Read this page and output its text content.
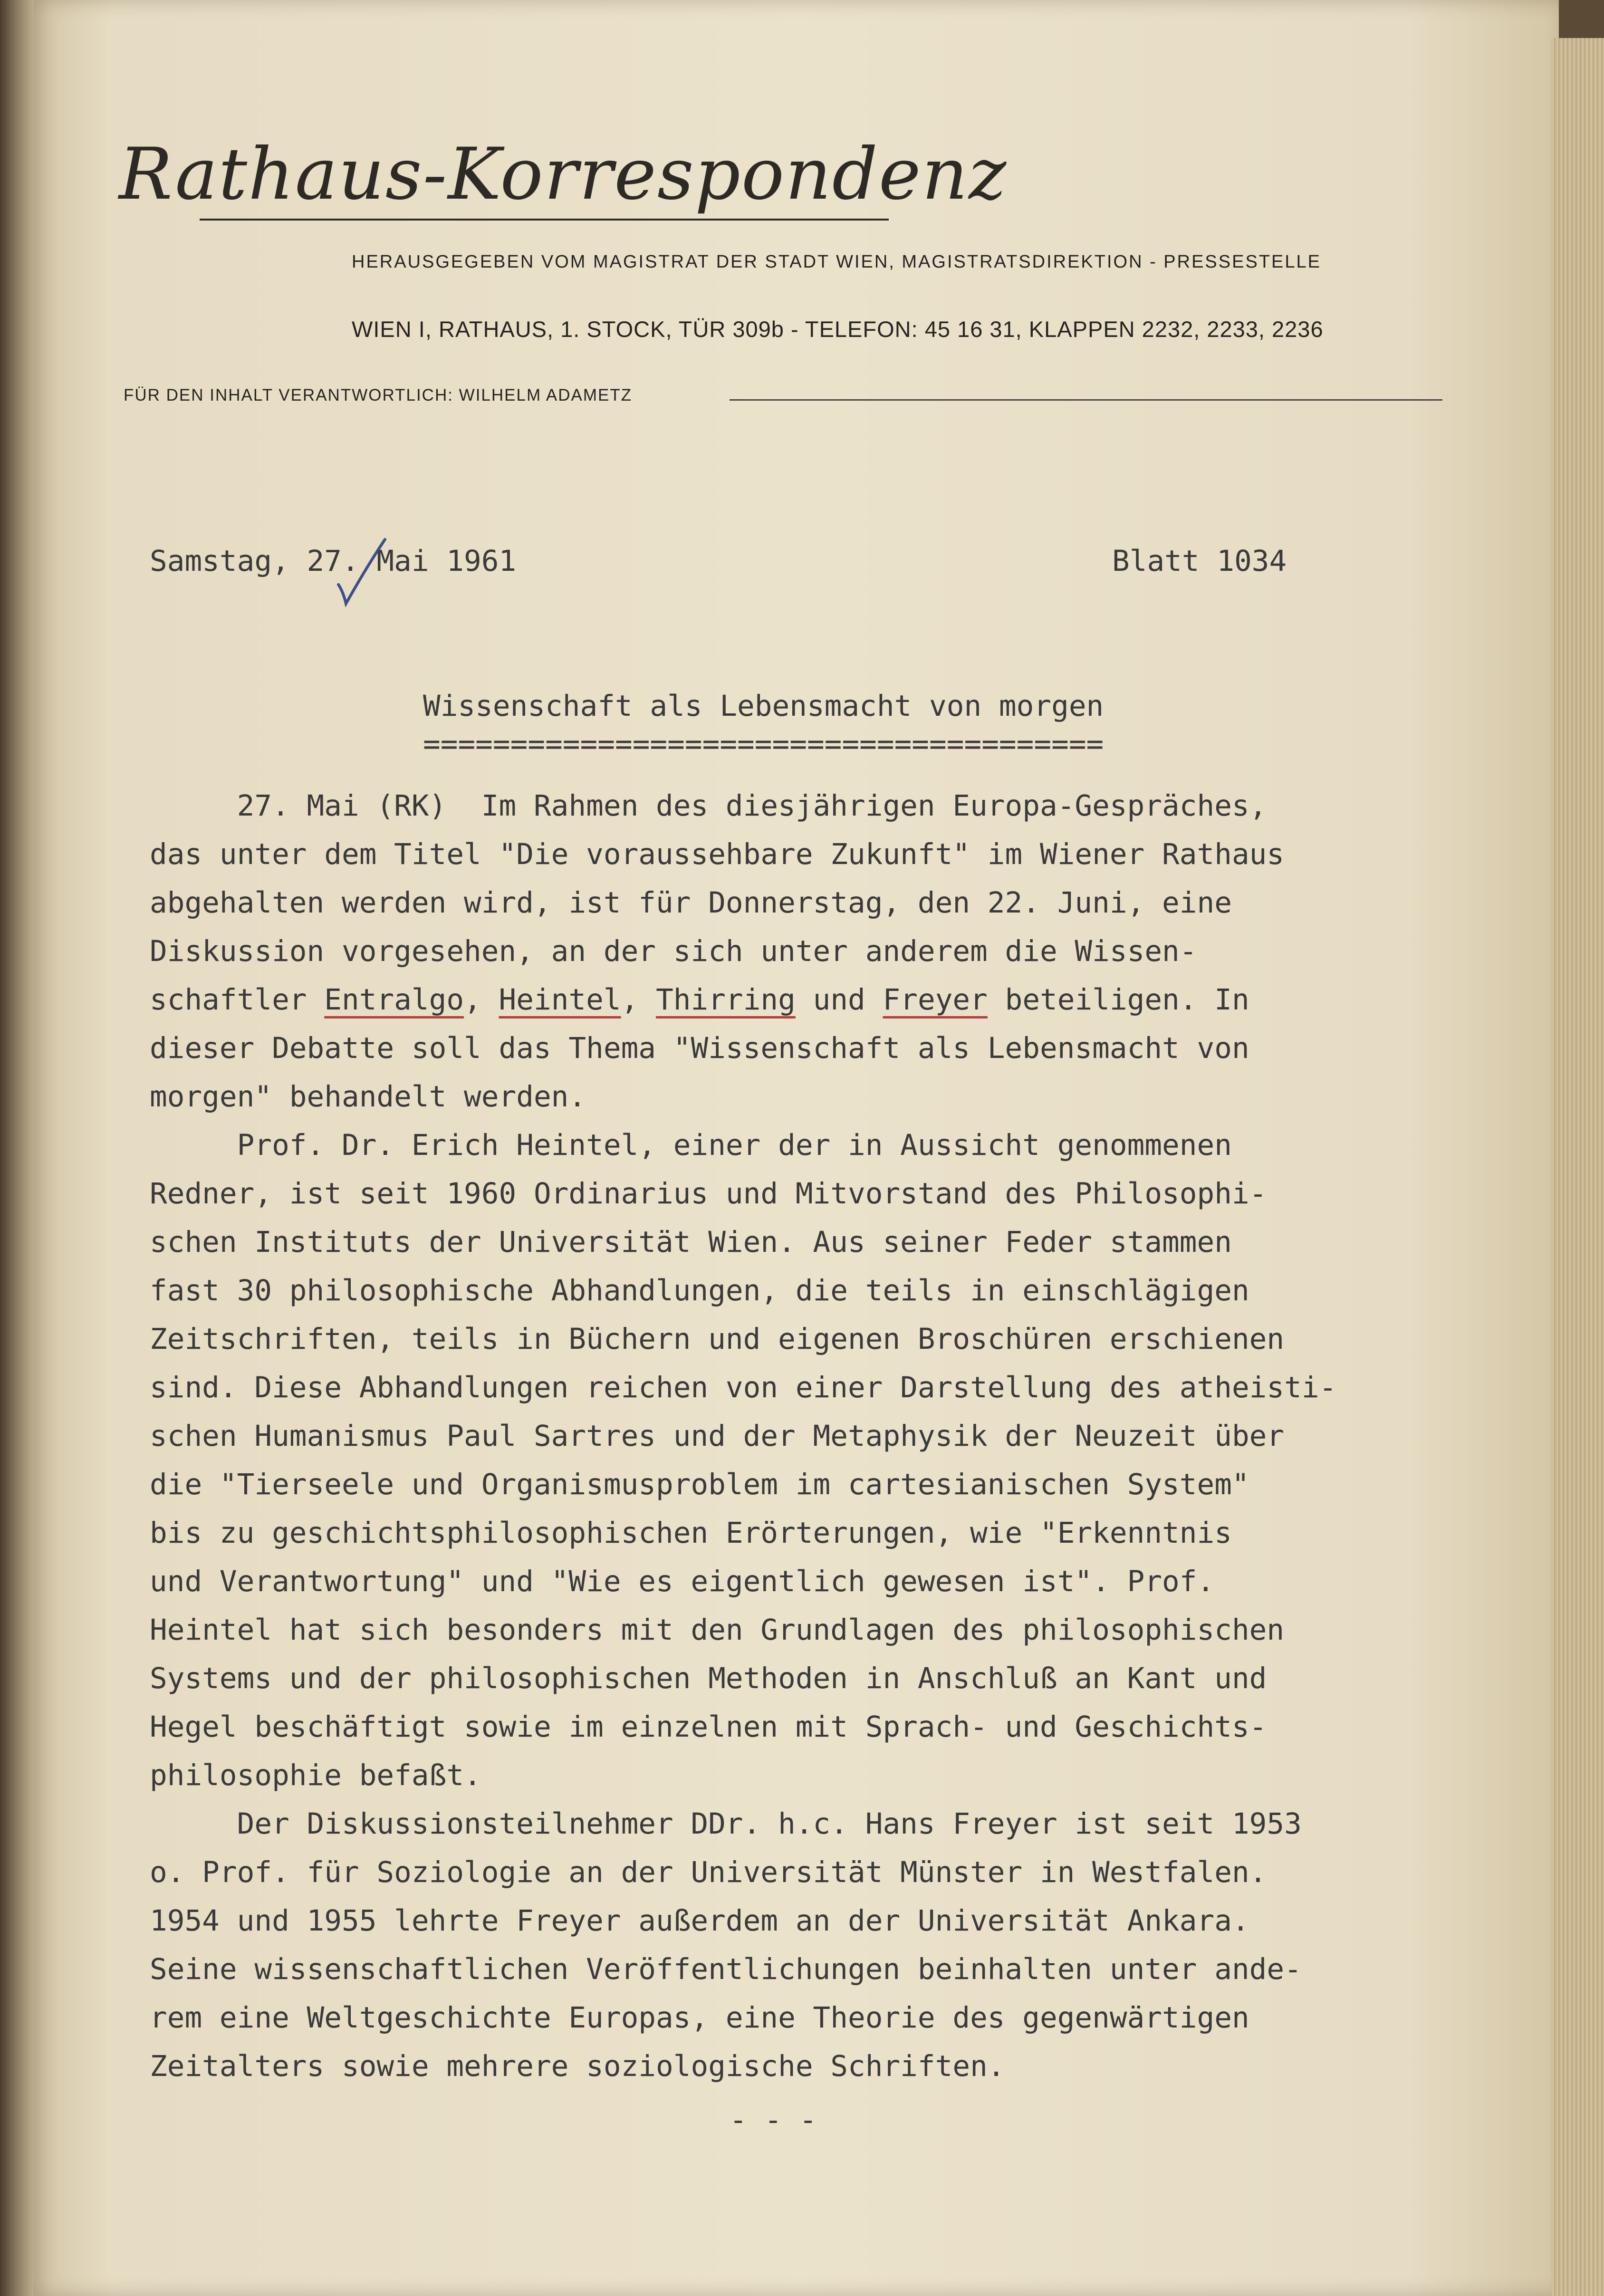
Rathaus-Korrespondenz
HERAUSGEGEBEN VOM MAGISTRAT DER STADT WIEN, MAGISTRATSDIREKTION - PRESSESTELLE
WIEN I, RATHAUS, 1. STOCK, TÜR 309b - TELEFON: 45 16 31, KLAPPEN 2232, 2233, 2236
FÜR DEN INHALT VERANTWORTLICH: WILHELM ADAMETZ
Samstag, 27. Mai 1961	Blatt 1034
Wissenschaft als Lebensmacht von morgen
=======================================
27. Mai (RK)  Im Rahmen des diesjährigen Europa-Gespräches,
das unter dem Titel "Die voraussehbare Zukunft" im Wiener Rathaus
abgehalten werden wird, ist für Donnerstag, den 22. Juni, eine
Diskussion vorgesehen, an der sich unter anderem die Wissen-
schaftler Entralgo, Heintel, Thirring und Freyer beteiligen. In
dieser Debatte soll das Thema "Wissenschaft als Lebensmacht von
morgen" behandelt werden.
Prof. Dr. Erich Heintel, einer der in Aussicht genommenen
Redner, ist seit 1960 Ordinarius und Mitvorstand des Philosophi-
schen Instituts der Universität Wien. Aus seiner Feder stammen
fast 30 philosophische Abhandlungen, die teils in einschlägigen
Zeitschriften, teils in Büchern und eigenen Broschüren erschienen
sind. Diese Abhandlungen reichen von einer Darstellung des atheisti-
schen Humanismus Paul Sartres und der Metaphysik der Neuzeit über
die "Tierseele und Organismusproblem im cartesianischen System"
bis zu geschichtsphilosophischen Erörterungen, wie "Erkenntnis
und Verantwortung" und "Wie es eigentlich gewesen ist". Prof.
Heintel hat sich besonders mit den Grundlagen des philosophischen
Systems und der philosophischen Methoden in Anschluß an Kant und
Hegel beschäftigt sowie im einzelnen mit Sprach- und Geschichts-
philosophie befaßt.
Der Diskussionsteilnehmer DDr. h.c. Hans Freyer ist seit 1953
o. Prof. für Soziologie an der Universität Münster in Westfalen.
1954 und 1955 lehrte Freyer außerdem an der Universität Ankara.
Seine wissenschaftlichen Veröffentlichungen beinhalten unter ande-
rem eine Weltgeschichte Europas, eine Theorie des gegenwärtigen
Zeitalters sowie mehrere soziologische Schriften.
- - -
